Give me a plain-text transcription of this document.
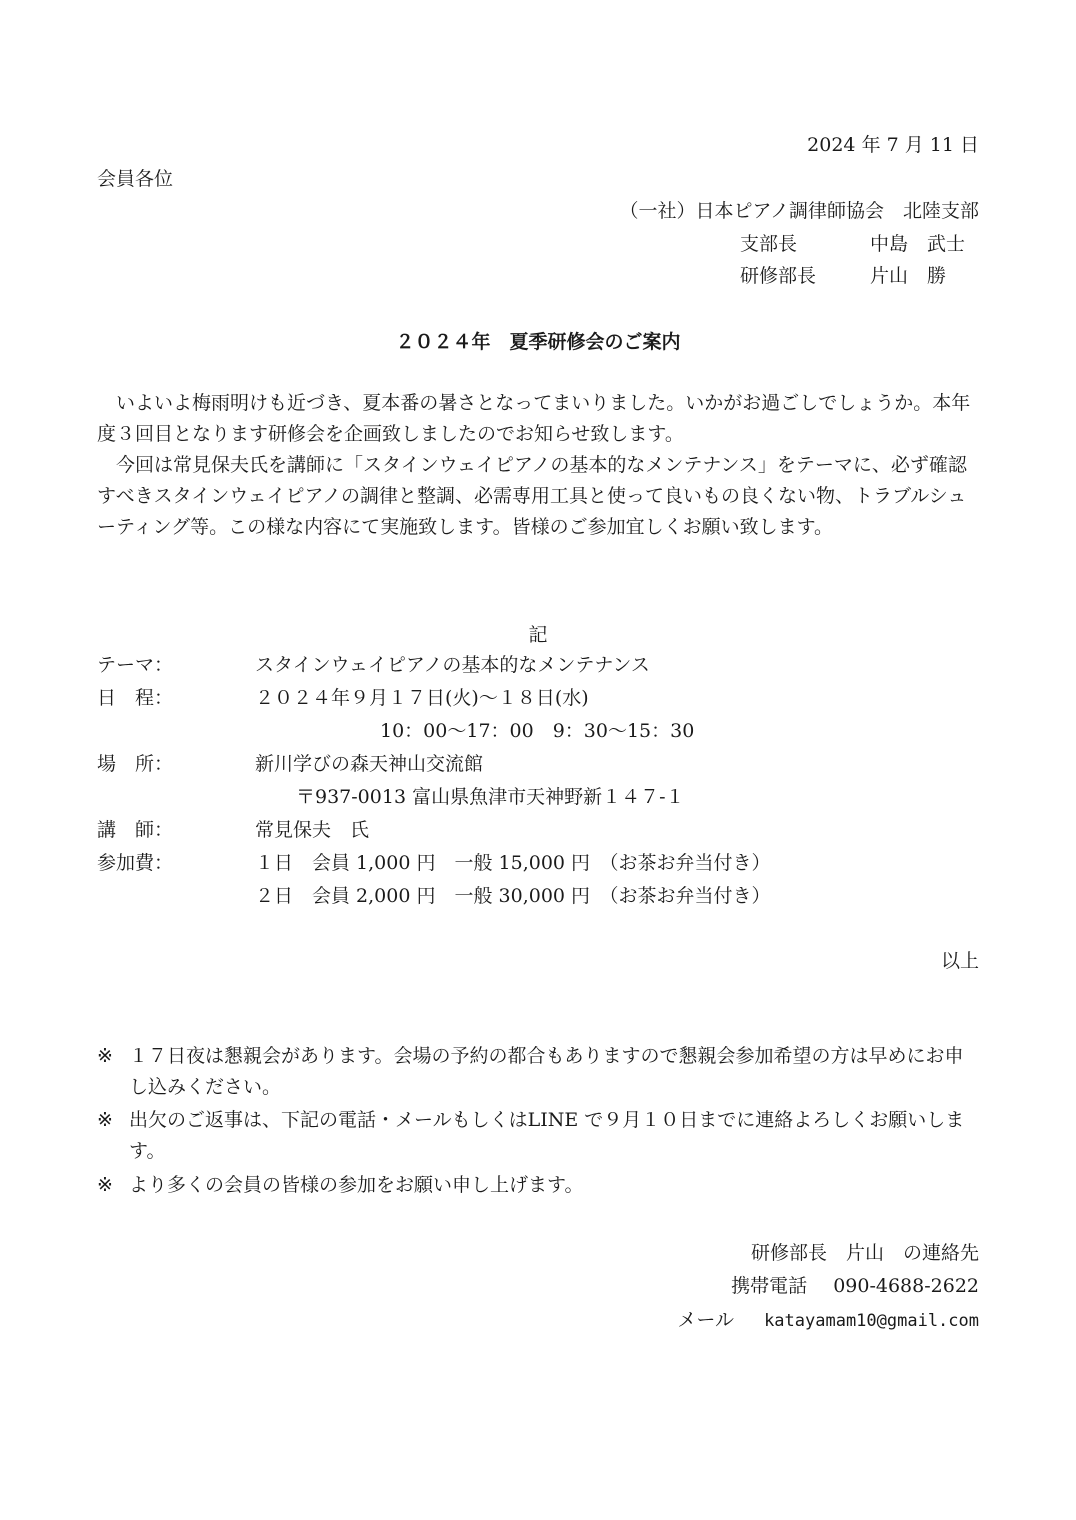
2024 年 7 月 11 日
会員各位
（一社）日本ピアノ調律師協会　北陸支部
支部長	中島　武士
研修部長	片山　勝
２０２４年　夏季研修会のご案内

いよいよ梅雨明けも近づき、夏本番の暑さとなってまいりました。いかがお過ごしでしょうか。本年度３回目となります研修会を企画致しましたのでお知らせ致します。

今回は常見保夫氏を講師に「スタインウェイピアノの基本的なメンテナンス」をテーマに、必ず確認すべきスタインウェイピアノの調律と整調、必需専用工具と使って良いもの良くない物、トラブルシューティング等。この様な内容にて実施致します。皆様のご参加宜しくお願い致します。

記
テーマ：	スタインウェイピアノの基本的なメンテナンス
日　程：	２０２４年９月１７日(火)～１８日(水)
10：00～17：00　9：30～15：30
場　所：	新川学びの森天神山交流館
〒937-0013 富山県魚津市天神野新１４７-１
講　師：	常見保夫　氏
参加費：	１日　会員 1,000 円　一般 15,000 円　（お茶お弁当付き）
２日　会員 2,000 円　一般 30,000 円　（お茶お弁当付き）
以上
※ １７日夜は懇親会があります。会場の予約の都合もありますので懇親会参加希望の方は早めにお申し込みください。
※ 出欠のご返事は、下記の電話・メールもしくはLINE で９月１０日までに連絡よろしくお願いします。
※ より多くの会員の皆様の参加をお願い申し上げます。
研修部長　片山　の連絡先
携帯電話 090-4688-2622
メール katayamam10@gmail.com
